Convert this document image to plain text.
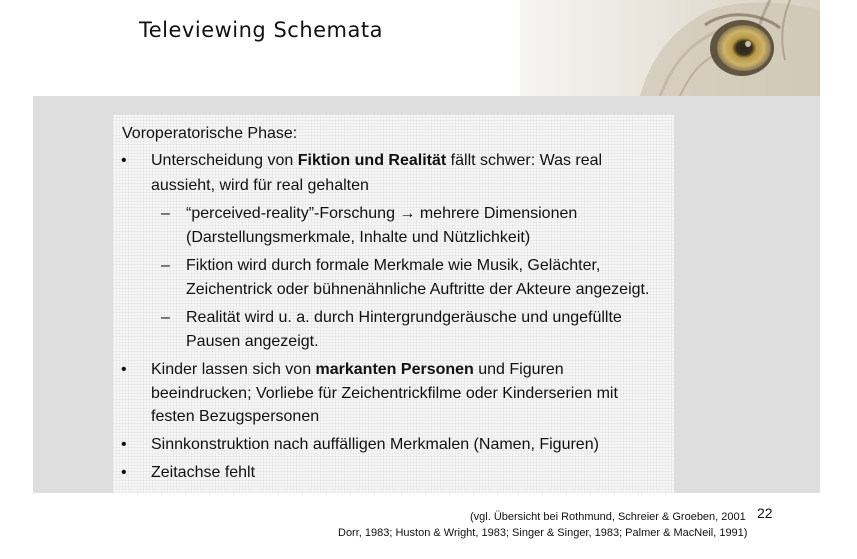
Televiewing Schemata
Voroperatorische Phase:
• Unterscheidung von Fiktion und Realität fällt schwer: Was real
aussieht, wird für real gehalten
– “perceived-reality”-Forschung → mehrere Dimensionen
(Darstellungsmerkmale, Inhalte und Nützlichkeit)
– Fiktion wird durch formale Merkmale wie Musik, Gelächter,
Zeichentrick oder bühnenähnliche Auftritte der Akteure angezeigt.
– Realität wird u. a. durch Hintergrundgeräusche und ungefüllte
Pausen angezeigt.
• Kinder lassen sich von markanten Personen und Figuren
beeindrucken; Vorliebe für Zeichentrickfilme oder Kinderserien mit
festen Bezugspersonen
• Sinnkonstruktion nach auffälligen Merkmalen (Namen, Figuren)
• Zeitachse fehlt
22
(vgl. Übersicht bei Rothmund, Schreier & Groeben, 2001
Dorr, 1983; Huston & Wright, 1983; Singer & Singer, 1983; Palmer & MacNeil, 1991)
